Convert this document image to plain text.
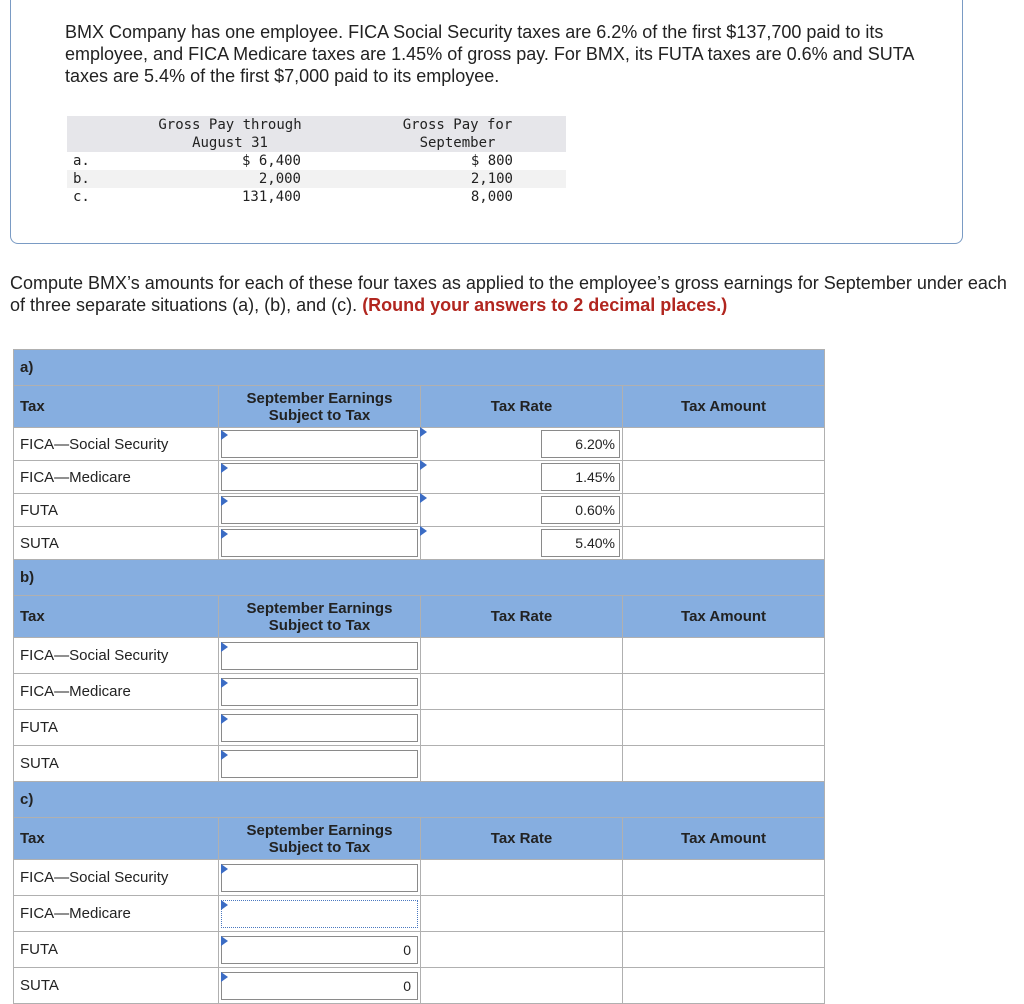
BMX Company has one employee. FICA Social Security taxes are 6.2% of the first $137,700 paid to its employee, and FICA Medicare taxes are 1.45% of gross pay. For BMX, its FUTA taxes are 0.6% and SUTA taxes are 5.4% of the first $7,000 paid to its employee.
	Gross Pay through
August 31	Gross Pay for
September
a.	$ 6,400	$ 800
b.	2,000	2,100
c.	131,400	8,000
Compute BMX’s amounts for each of these four taxes as applied to the employee’s gross earnings for September under each of three separate situations (a), (b), and (c). (Round your answers to 2 decimal places.)
a)			
Tax	September Earnings Subject to Tax	Tax Rate	Tax Amount
FICA—Social Security		6.20%	

FICA—Medicare		1.45%	

FUTA		0.60%	

SUTA		5.40%	

b)			
Tax	September Earnings Subject to Tax	Tax Rate	Tax Amount
FICA—Social Security	

FICA—Medicare	

FUTA	

SUTA	

c)			
Tax	September Earnings Subject to Tax	Tax Rate	Tax Amount
FICA—Social Security	

FICA—Medicare	

FUTA	0		

SUTA	0		
